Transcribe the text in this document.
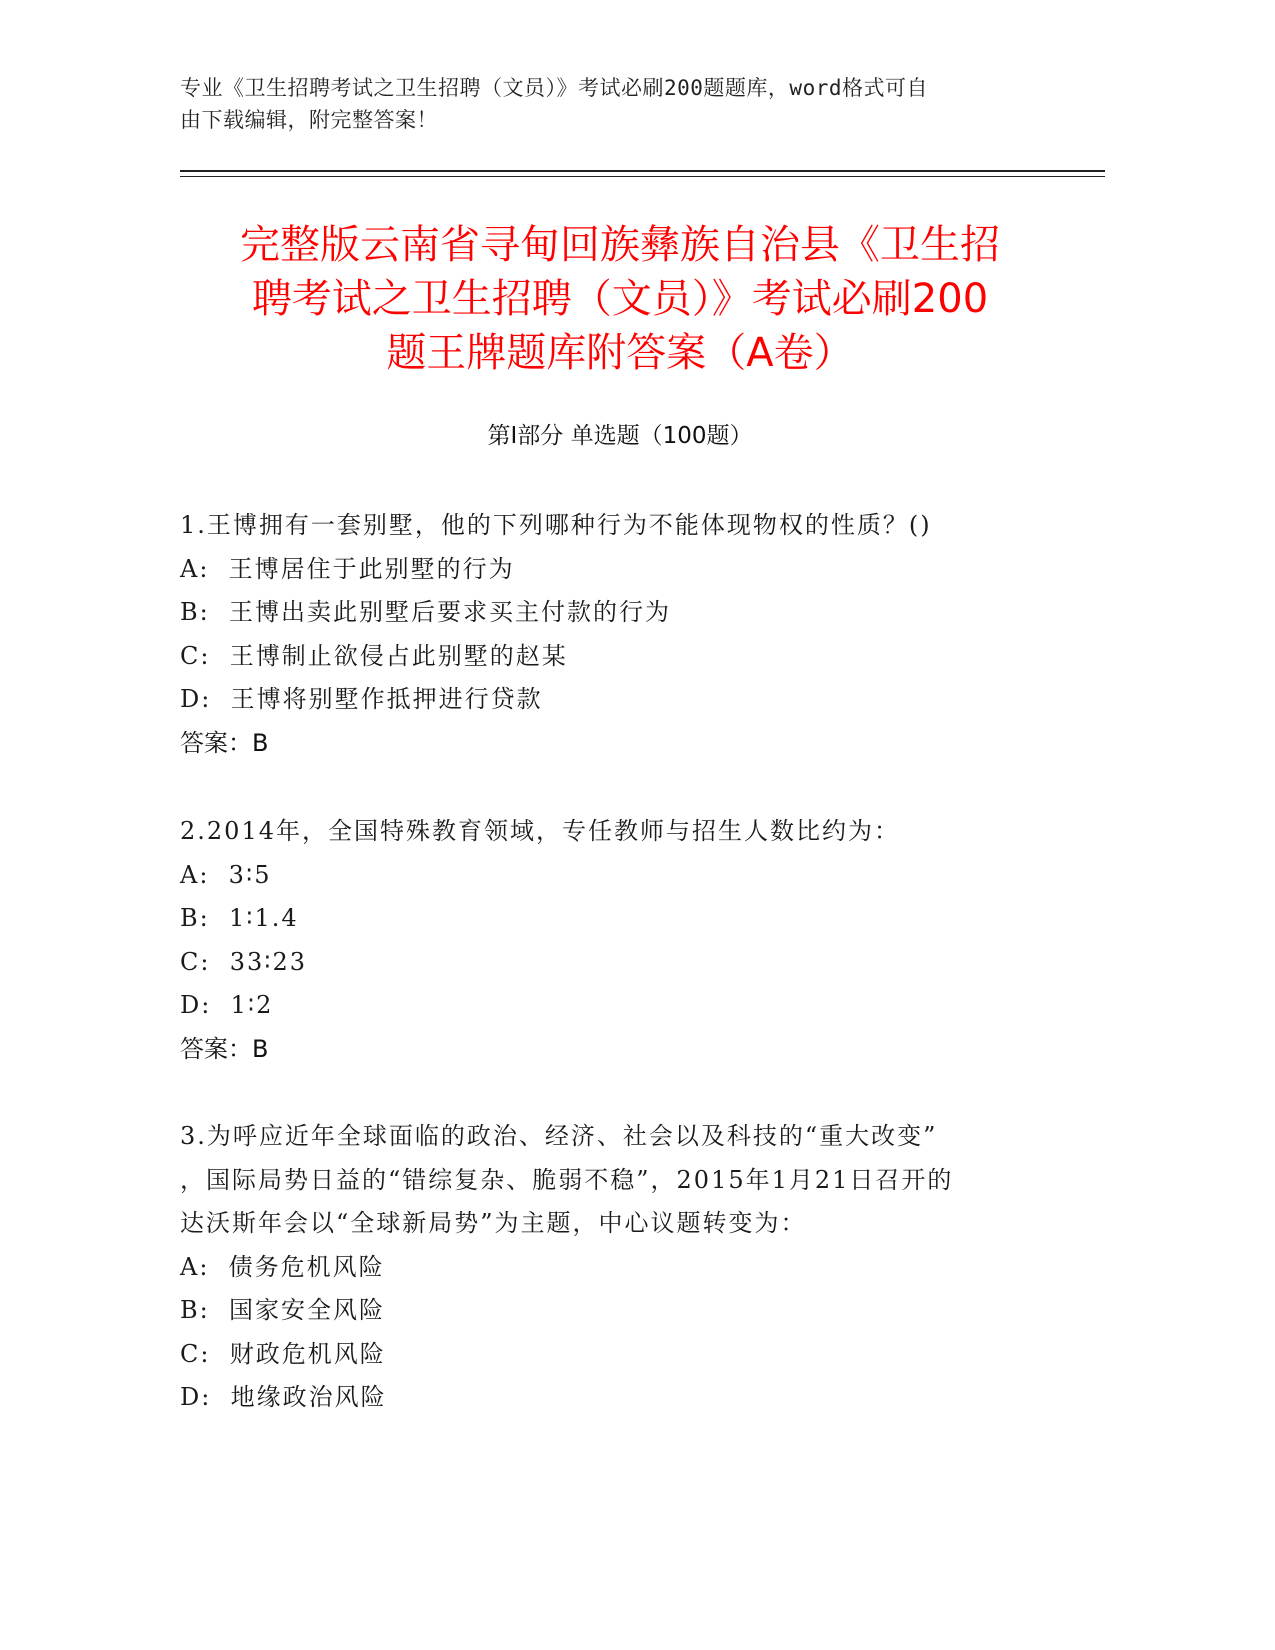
专业《卫生招聘考试之卫生招聘（文员）》考试必刷200题题库，word格式可自
由下载编辑，附完整答案！
完整版云南省寻甸回族彝族自治县《卫生招
聘考试之卫生招聘（文员）》考试必刷200
题王牌题库附答案（A卷）
第Ⅰ部分 单选题（100题）
1.王博拥有一套别墅，他的下列哪种行为不能体现物权的性质？()
A:  王博居住于此别墅的行为
B:  王博出卖此别墅后要求买主付款的行为
C:  王博制止欲侵占此别墅的赵某
D:  王博将别墅作抵押进行贷款
答案：B
2.2014年，全国特殊教育领域，专任教师与招生人数比约为：
A:  3∶5
B:  1∶1.4
C:  33∶23
D:  1∶2
答案：B
3.为呼应近年全球面临的政治、经济、社会以及科技的“重大改变”
，国际局势日益的“错综复杂、脆弱不稳”，2015年1月21日召开的
达沃斯年会以“全球新局势”为主题，中心议题转变为：
A:  债务危机风险
B:  国家安全风险
C:  财政危机风险
D:  地缘政治风险
